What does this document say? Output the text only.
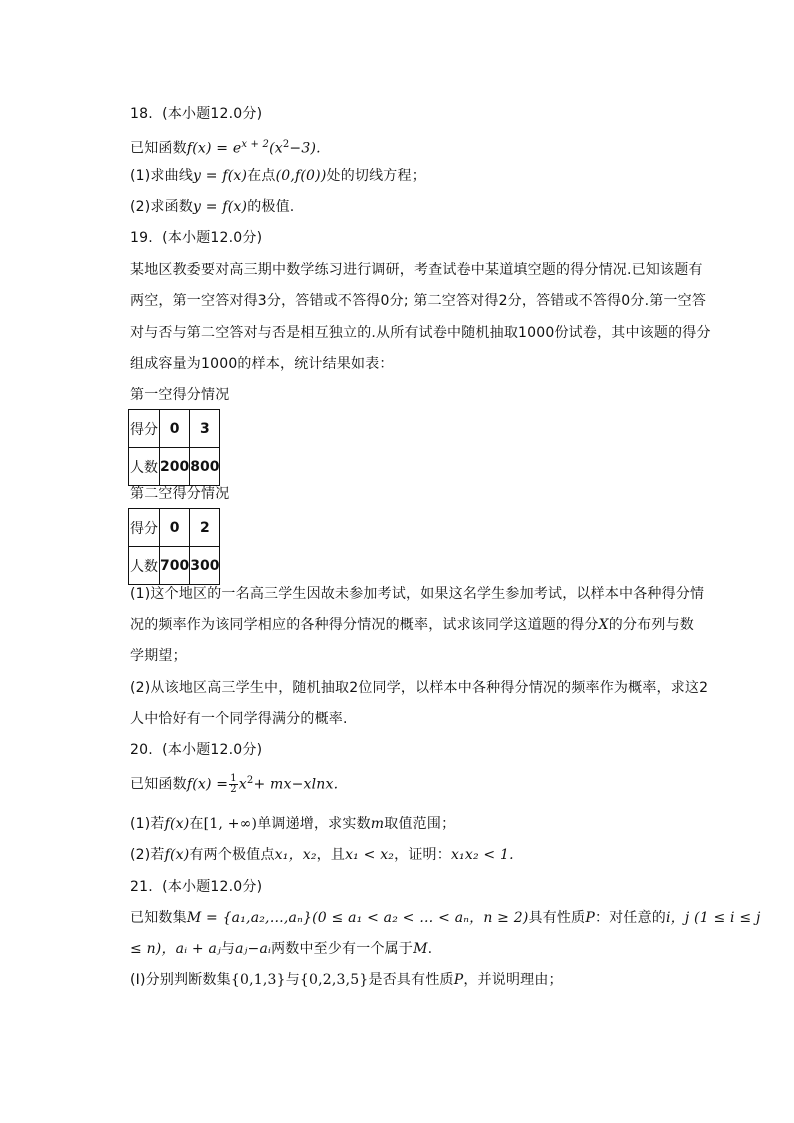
18.  (本小题12.0分)
已知函数$f(x) = e^{x + 2}(x^2-3)$.
(1)求曲线y = f(x)在点(0,f(0))处的切线方程；
(2)求函数y = f(x)的极值.
19.  (本小题12.0分)
某地区教委要对高三期中数学练习进行调研，考查试卷中某道填空题的得分情况.已知该题有
两空，第一空答对得3分，答错或不答得0分; 第二空答对得2分，答错或不答得0分.第一空答
对与否与第二空答对与否是相互独立的.从所有试卷中随机抽取1000份试卷，其中该题的得分
组成容量为1000的样本，统计结果如表：
第一空得分情况
得分	0	3
人数	200	800
第二空得分情况
得分	0	2
人数	700	300
(1)这个地区的一名高三学生因故未参加考试，如果这名学生参加考试，以样本中各种得分情
况的频率作为该同学相应的各种得分情况的概率，试求该同学这道题的得分X的分布列与数
学期望；
(2)从该地区高三学生中，随机抽取2位同学，以样本中各种得分情况的频率作为概率，求这2
人中恰好有一个同学得满分的概率.
20.  (本小题12.0分)
已知函数$f(x) = \frac{1}{2} x^2+ mx-xlnx$.
(1)若f(x)在[1, +∞)单调递增，求实数m取值范围；
(2)若f(x)有两个极值点x₁，x₂，且x₁ < x₂，证明：x₁x₂ < 1.
21.  (本小题12.0分)
已知数集M = {a₁,a₂,…,aₙ}(0 ≤ a₁ < a₂ < … < aₙ，n ≥ 2)具有性质P：对任意的i，j (1 ≤ i ≤ j
≤ n)，aᵢ + aⱼ与aⱼ−aᵢ两数中至少有一个属于M.
(Ⅰ)分别判断数集{0,1,3}与{0,2,3,5}是否具有性质P，并说明理由；
